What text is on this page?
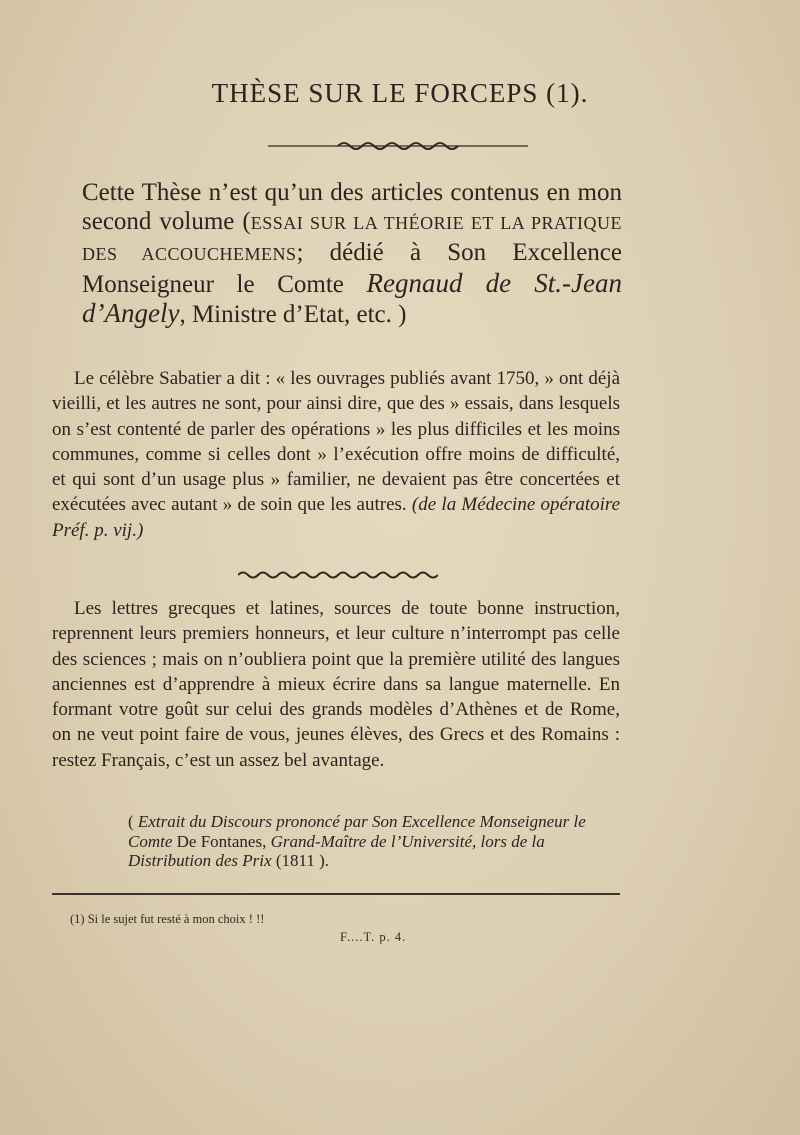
THÈSE SUR LE FORCEPS (1).
Cette Thèse n’est qu’un des articles contenus en mon second volume (ESSAI SUR LA THÉORIE ET LA PRATIQUE DES ACCOUCHEMENS; dédié à Son Excellence Monseigneur le Comte Regnaud de St.-Jean d’Angely, Ministre d’Etat, etc. )

Le célèbre Sabatier a dit : « les ouvrages publiés avant 1750, » ont déjà vieilli, et les autres ne sont, pour ainsi dire, que des » essais, dans lesquels on s’est contenté de parler des opérations » les plus difficiles et les moins communes, comme si celles dont » l’exécution offre moins de difficulté, et qui sont d’un usage plus » familier, ne devaient pas être concertées et exécutées avec autant » de soin que les autres. (de la Médecine opératoire Préf. p. vij.)

Les lettres grecques et latines, sources de toute bonne instruction, reprennent leurs premiers honneurs, et leur culture n’interrompt pas celle des sciences ; mais on n’oubliera point que la première utilité des langues anciennes est d’apprendre à mieux écrire dans sa langue maternelle. En formant votre goût sur celui des grands modèles d’Athènes et de Rome, on ne veut point faire de vous, jeunes élèves, des Grecs et des Romains : restez Français, c’est un assez bel avantage.

( Extrait du Discours prononcé par Son Excellence Monseigneur le Comte De Fontanes, Grand-Maître de l’Université, lors de la Distribution des Prix (1811 ).
(1) Si le sujet fut resté à mon choix ! !!
F....T. p. 4.
